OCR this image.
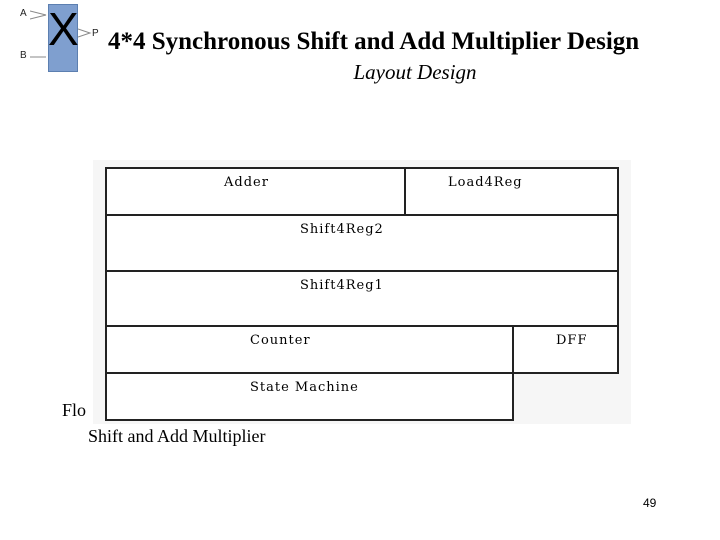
A
B
X P 4*4 Synchronous Shift and Add Multiplier Design
Layout Design
Adder	Load4Reg
Shift4Reg2
Shift4Reg1
Counter	DFF
State Machine
Flo
Shift and Add Multiplier
49
